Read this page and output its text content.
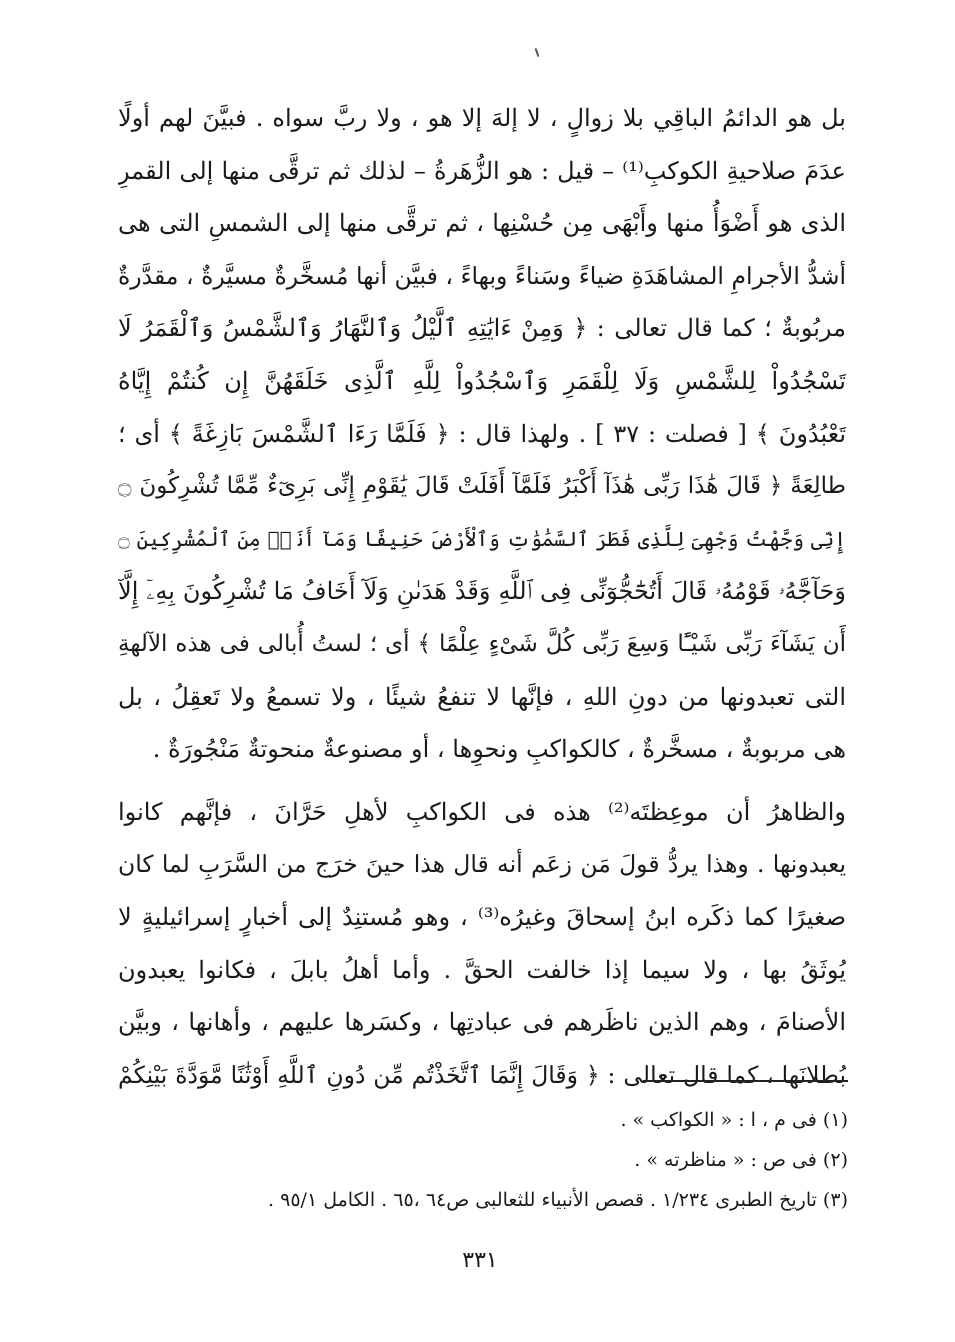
بل هو الدائمُ الباقِي بلا زوالٍ ، لا إلهَ إلا هو ، ولا ربَّ سواه . فبيَّنَ لهم أولًا
عدَمَ صلاحيةِ الكوكبِ⁽¹⁾ – قيل : هو الزُّهَرةُ – لذلك ثم ترقَّى منها إلى القمرِ
الذى هو أَضْوَأُ منها وأَبْهَى مِن حُسْنِها ، ثم ترقَّى منها إلى الشمسِ التى هى
أشدُّ الأجرامِ المشاهَدَةِ ضياءً وسَناءً وبهاءً ، فبيَّن أنها مُسخَّرةٌ مسيَّرةٌ ، مقدَّرةٌ
مربُوبةٌ ؛ كما قال تعالى : ﴿ وَمِنْ ءَايَٰتِهِ ٱلَّيْلُ وَٱلنَّهَارُ وَٱلشَّمْسُ وَٱلْقَمَرُ لَا
تَسْجُدُواْ لِلشَّمْسِ وَلَا لِلْقَمَرِ وَٱسْجُدُواْ لِلَّهِ ٱلَّذِى خَلَقَهُنَّ إِن كُنتُمْ إِيَّاهُ
تَعْبُدُونَ ﴾ [ فصلت : ٣٧ ] . ولهذا قال : ﴿ فَلَمَّا رَءَا ٱلشَّمْسَ بَازِغَةً ﴾ أى ؛
طالِعَةً ﴿ قَالَ هَٰذَا رَبِّى هَٰذَآ أَكْبَرُ فَلَمَّآ أَفَلَتْ قَالَ يَٰقَوْمِ إِنِّى بَرِىٓءٌ مِّمَّا تُشْرِكُونَ ۝
إِنِّى وَجَّهْتُ وَجْهِىَ لِلَّذِى فَطَرَ ٱلسَّمَٰوَٰتِ وَٱلْأَرْضَ حَنِيفًا وَمَآ أَنَا۠ مِنَ ٱلْمُشْرِكِينَ ۝
وَحَآجَّهُۥ قَوْمُهُۥ قَالَ أَتُحَٰٓجُّوٓنِّى فِى ٱللَّهِ وَقَدْ هَدَىٰنِ وَلَآ أَخَافُ مَا تُشْرِكُونَ بِهِۦٓ إِلَّآ
أَن يَشَآءَ رَبِّى شَيْـًٔا وَسِعَ رَبِّى كُلَّ شَىْءٍ عِلْمًا ﴾ أى ؛ لستُ أُبالى فى هذه الآلهةِ
التى تعبدونها من دونِ اللهِ ، فإنَّها لا تنفعُ شيئًا ، ولا تسمعُ ولا تَعقِلُ ، بل
هى مربوبةٌ ، مسخَّرةٌ ، كالكواكبِ ونحوِها ، أو مصنوعةٌ منحوتةٌ مَنْجُورَةٌ .
والظاهرُ أن موعِظتَه⁽²⁾ هذه فى الكواكبِ لأهلِ حَرَّانَ ، فإنَّهم كانوا
يعبدونها . وهذا يردُّ قولَ مَن زعَم أنه قال هذا حينَ خرَج من السَّرَبِ لما كان
صغيرًا كما ذكَره ابنُ إسحاقَ وغيرُه⁽³⁾ ، وهو مُستنِدٌ إلى أخبارٍ إسرائيليةٍ لا
يُوثَقُ بها ، ولا سيما إذا خالفت الحقَّ . وأما أهلُ بابلَ ، فكانوا يعبدون
الأصنامَ ، وهم الذين ناظَرهم فى عبادتِها ، وكسَرها عليهم ، وأهانها ، وبيَّن
بُطلانَها ، كما قال تعالى : ﴿ وَقَالَ إِنَّمَا ٱتَّخَذْتُم مِّن دُونِ ٱللَّهِ أَوْثَٰنًا مَّوَدَّةَ بَيْنِكُمْ
(١) فى م ، ا : « الكواكب » .
(٢) فى ص : « مناظرته » .
(٣) تاريخ الطبرى ١/٢٣٤ . قصص الأنبياء للثعالبى ص٦٤ ،٦٥ . الكامل ٩٥/١ .
٣٣١
